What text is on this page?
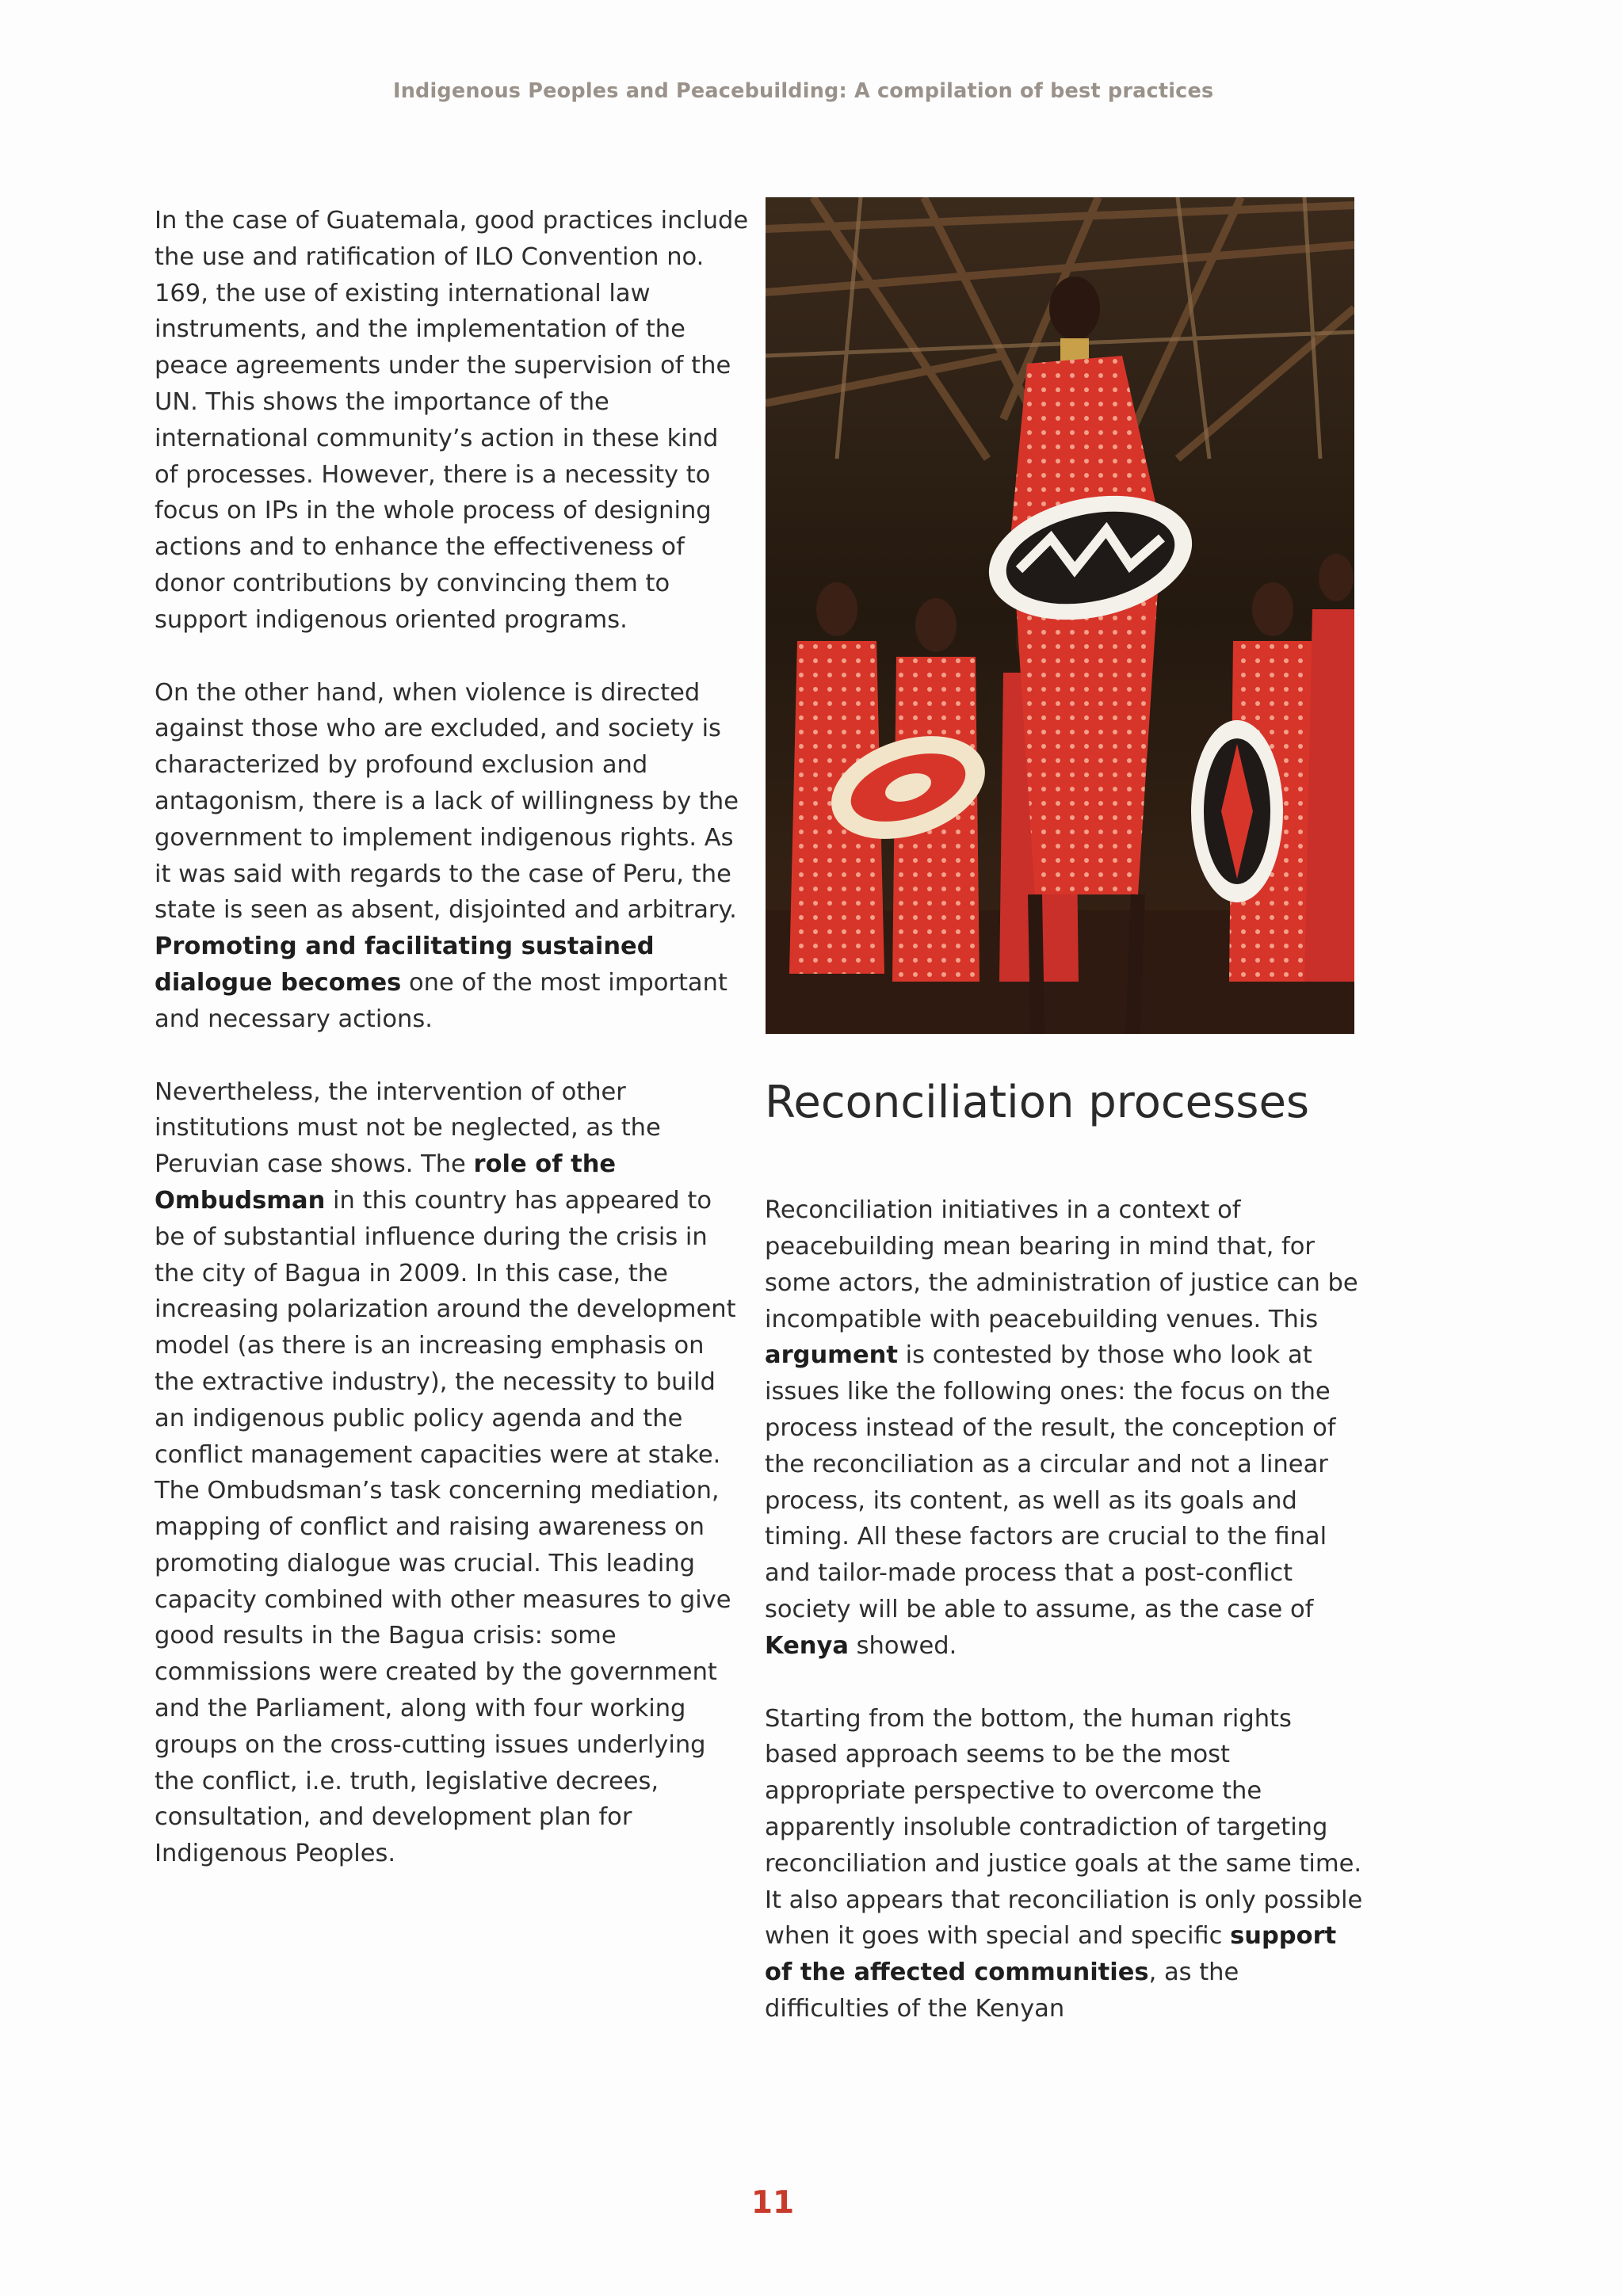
Indigenous Peoples and Peacebuilding: A compilation of best practices

In the case of Guatemala, good practices include the use and ratification of ILO Convention no. 169, the use of existing international law instruments, and the implementation of the peace agreements under the supervision of the UN. This shows the importance of the international community’s action in these kind of processes. However, there is a necessity to focus on IPs in the whole process of designing actions and to enhance the effectiveness of donor contributions by convincing them to support indigenous oriented programs.

On the other hand, when violence is directed against those who are excluded, and society is characterized by profound exclusion and antagonism, there is a lack of willingness by the government to implement indigenous rights. As it was said with regards to the case of Peru, the state is seen as absent, disjointed and arbitrary. Promoting and facilitating sustained dialogue becomes one of the most important and necessary actions.

Nevertheless, the intervention of other institutions must not be neglected, as the Peruvian case shows. The role of the Ombudsman in this country has appeared to be of substantial influence during the crisis in the city of Bagua in 2009. In this case, the increasing polarization around the development model (as there is an increasing emphasis on the extractive industry), the necessity to build an indigenous public policy agenda and the conflict management capacities were at stake. The Ombudsman’s task concerning mediation, mapping of conflict and raising awareness on promoting dialogue was crucial. This leading capacity combined with other measures to give good results in the Bagua crisis: some commissions were created by the government and the Parliament, along with four working groups on the cross-cutting issues underlying the conflict, i.e. truth, legislative decrees, consultation, and development plan for Indigenous Peoples.

Reconciliation processes

Reconciliation initiatives in a context of peacebuilding mean bearing in mind that, for some actors, the administration of justice can be incompatible with peacebuilding venues. This argument is contested by those who look at issues like the following ones: the focus on the process instead of the result, the conception of the reconciliation as a circular and not a linear process, its content, as well as its goals and timing. All these factors are crucial to the final and tailor-made process that a post-conflict society will be able to assume, as the case of Kenya showed.

Starting from the bottom, the human rights based approach seems to be the most appropriate perspective to overcome the apparently insoluble contradiction of targeting reconciliation and justice goals at the same time. It also appears that reconciliation is only possible when it goes with special and specific support of the affected communities, as the difficulties of the Kenyan

11
